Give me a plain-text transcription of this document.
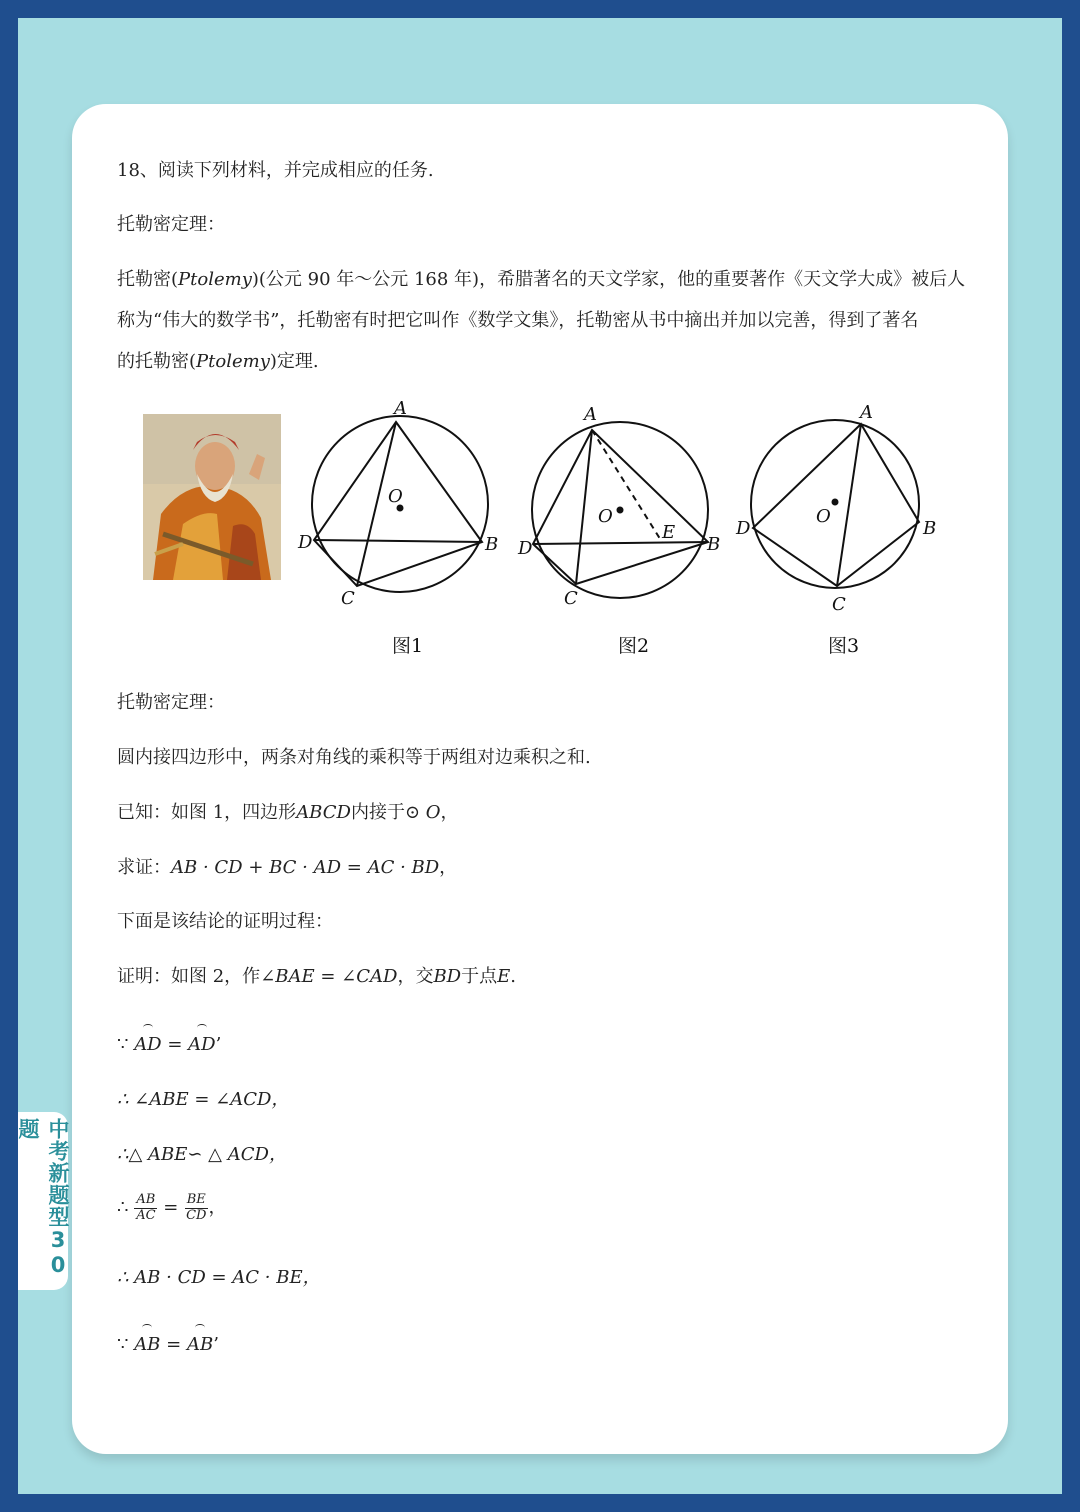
中考新题型30题
18、阅读下列材料，并完成相应的任务.
托勒密定理：
托勒密(Ptolemy)(公元 90 年～公元 168 年)，希腊著名的天文学家，他的重要著作《天文学大成》被后人
称为“伟大的数学书”，托勒密有时把它叫作《数学文集》，托勒密从书中摘出并加以完善，得到了著名
的托勒密(Ptolemy)定理.
A
B
C
D
O
A
B
C
D
O
E
A
B
C
D
O
图1	图2	图3
托勒密定理：
圆内接四边形中，两条对角线的乘积等于两组对边乘积之和.
已知：如图 1，四边形ABCD内接于⊙ O，
求证：AB · CD + BC · AD = AC · BD，
下面是该结论的证明过程：
证明：如图 2，作∠BAE = ∠CAD，交BD于点E.
∵ AD = AD’
∴ ∠ABE = ∠ACD，
∴△ ABE∽ △ ACD，
∴ $\frac{AB}{AC} = \frac{BE}{CD}$ ，
∴ AB · CD = AC · BE，
∵ AB = AB’
